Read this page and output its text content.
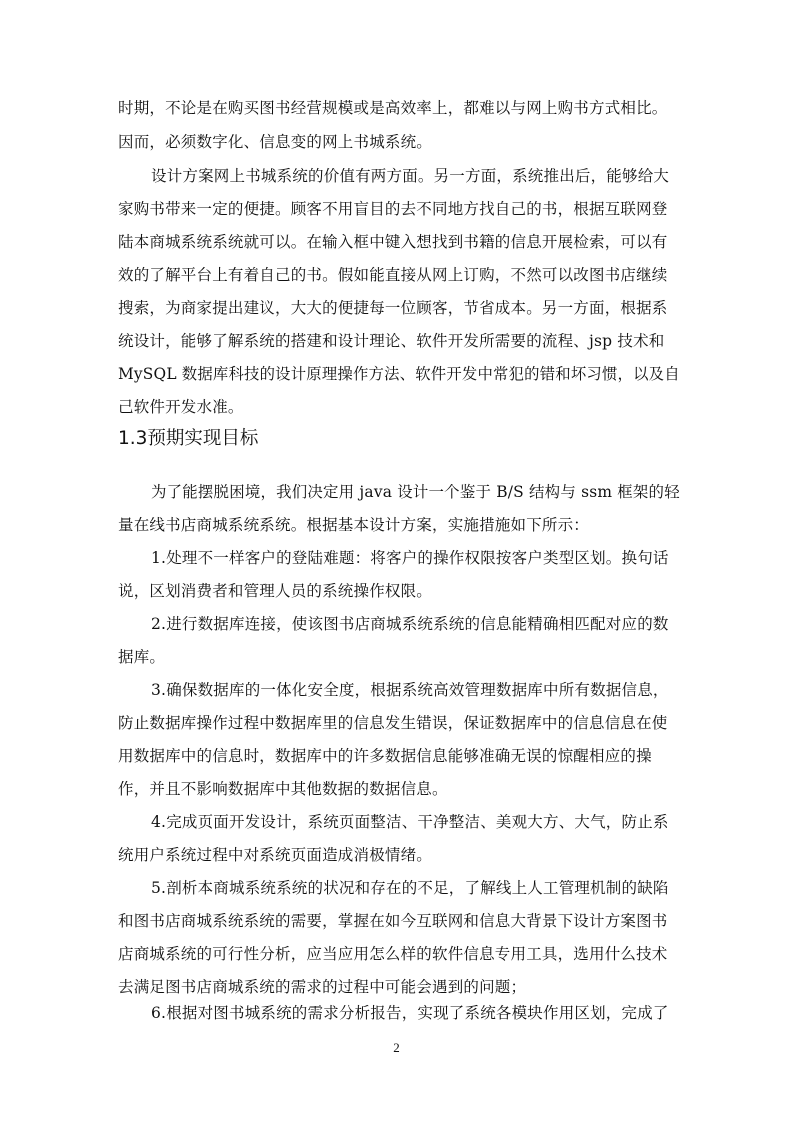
时期，不论是在购买图书经营规模或是高效率上，都难以与网上购书方式相比。
因而，必须数字化、信息变的网上书城系统。
设计方案网上书城系统的价值有两方面。另一方面，系统推出后，能够给大
家购书带来一定的便捷。顾客不用盲目的去不同地方找自己的书，根据互联网登
陆本商城系统系统就可以。在输入框中键入想找到书籍的信息开展检索，可以有
效的了解平台上有着自己的书。假如能直接从网上订购，不然可以改图书店继续
搜索，为商家提出建议，大大的便捷每一位顾客，节省成本。另一方面，根据系
统设计，能够了解系统的搭建和设计理论、软件开发所需要的流程、jsp 技术和
MySQL 数据库科技的设计原理操作方法、软件开发中常犯的错和坏习惯，以及自
己软件开发水准。
1.3预期实现目标
为了能摆脱困境，我们决定用 java 设计一个鉴于 B/S 结构与 ssm 框架的轻
量在线书店商城系统系统。根据基本设计方案，实施措施如下所示：
1.处理不一样客户的登陆难题：将客户的操作权限按客户类型区划。换句话
说，区划消费者和管理人员的系统操作权限。
2.进行数据库连接，使该图书店商城系统系统的信息能精确相匹配对应的数
据库。
3.确保数据库的一体化安全度，根据系统高效管理数据库中所有数据信息，
防止数据库操作过程中数据库里的信息发生错误，保证数据库中的信息信息在使
用数据库中的信息时，数据库中的许多数据信息能够准确无误的惊醒相应的操
作，并且不影响数据库中其他数据的数据信息。
4.完成页面开发设计，系统页面整洁、干净整洁、美观大方、大气，防止系
统用户系统过程中对系统页面造成消极情绪。
5.剖析本商城系统系统的状况和存在的不足，了解线上人工管理机制的缺陷
和图书店商城系统系统的需要，掌握在如今互联网和信息大背景下设计方案图书
店商城系统的可行性分析，应当应用怎么样的软件信息专用工具，选用什么技术
去满足图书店商城系统的需求的过程中可能会遇到的问题；
6.根据对图书城系统的需求分析报告，实现了系统各模块作用区划，完成了
2
